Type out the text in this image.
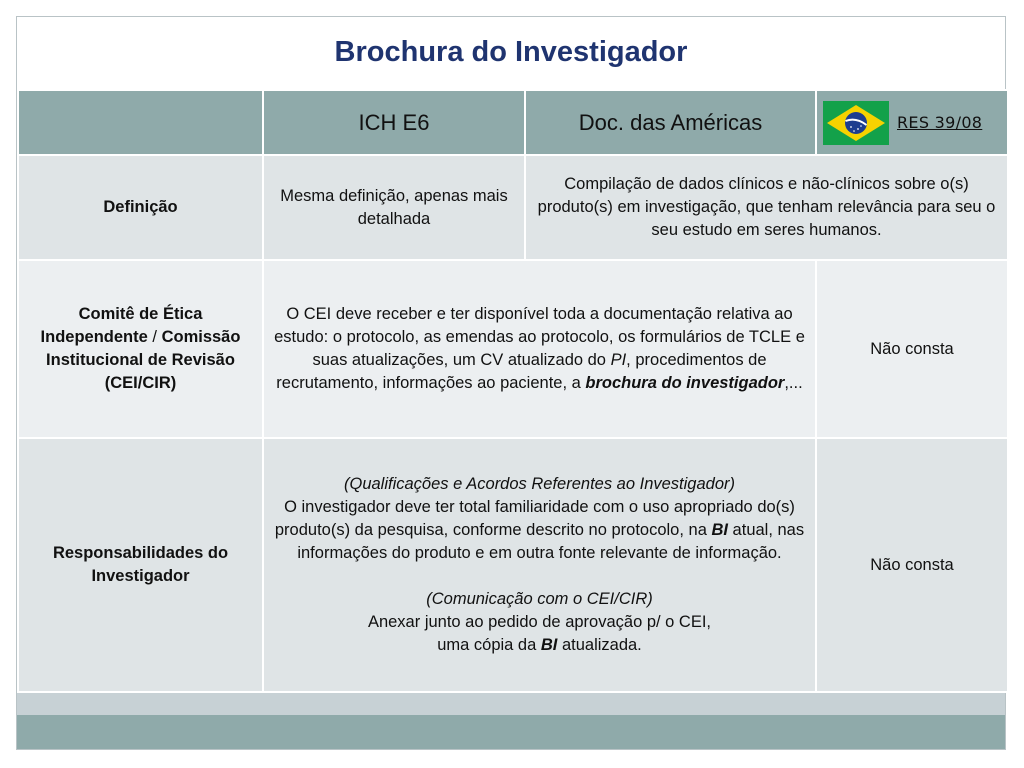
Brochura do Investigador
	ICH E6	Doc. das Américas	RES 39/08

Definição	Mesma definição, apenas mais detalhada	Compilação de dados clínicos e não-clínicos sobre o(s) produto(s) em investigação, que tenham relevância para seu o seu estudo em seres humanos.	
Comitê de Ética Independente / Comissão Institucional de Revisão (CEI/CIR)	O CEI deve receber e ter disponível toda a documentação relativa ao estudo: o protocolo, as emendas ao protocolo, os formulários de TCLE e suas atualizações, um CV atualizado do PI, procedimentos de recrutamento, informações ao paciente, a brochura do investigador,...		Não consta
Responsabilidades do Investigador	(Qualificações e Acordos Referentes ao Investigador)
O investigador deve ter total familiaridade com o uso apropriado do(s) produto(s) da pesquisa, conforme descrito no protocolo, na BI atual, nas informações do produto e em outra fonte relevante de informação.
(Comunicação com o CEI/CIR)
Anexar junto ao pedido de aprovação p/ o CEI,
uma cópia da BI atualizada.		Não consta
